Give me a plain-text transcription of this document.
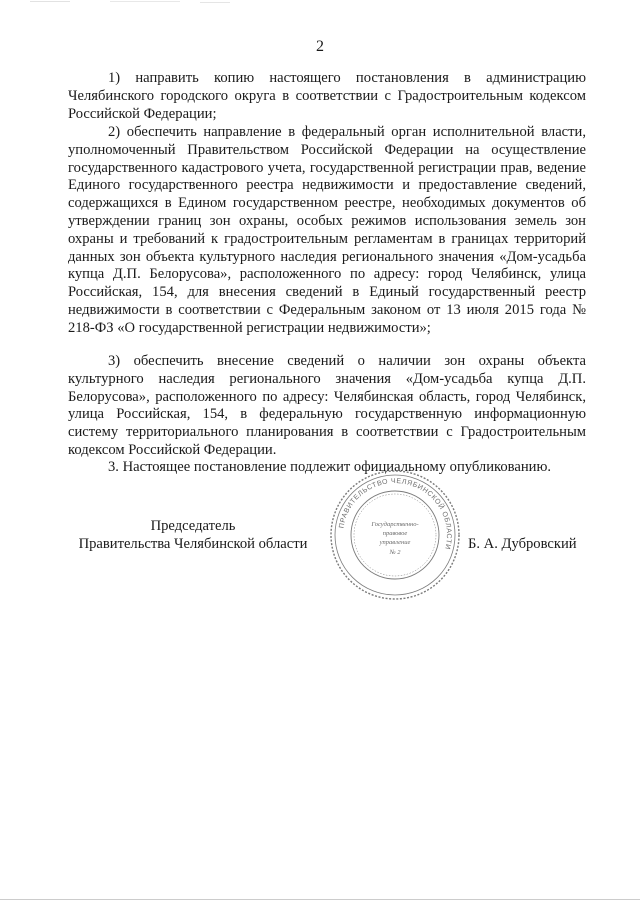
2

1) направить копию настоящего постановления в администрацию Челябинского городского округа в соответствии с Градостроительным кодексом Российской Федерации;

2) обеспечить направление в федеральный орган исполнительной власти, уполномоченный Правительством Российской Федерации на осуществление государственного кадастрового учета, государственной регистрации прав, ведение Единого государственного реестра недвижимости и предоставление сведений, содержащихся в Едином государственном реестре, необходимых документов об утверждении границ зон охраны, особых режимов использования земель зон охраны и требований к градостроительным регламентам в границах территорий данных зон объекта культурного наследия регионального значения «Дом-усадьба купца Д.П. Белорусова», расположенного по адресу: город Челябинск, улица Российская, 154, для внесения сведений в Единый государственный реестр недвижимости в соответствии с Федеральным законом от 13 июля 2015 года № 218-ФЗ «О государственной регистрации недвижимости»;

3) обеспечить внесение сведений о наличии зон охраны объекта культурного наследия регионального значения «Дом-усадьба купца Д.П. Белорусова», расположенного по адресу: Челябинская область, город Челябинск, улица Российская, 154, в федеральную государственную информационную систему территориального планирования в соответствии с Градостроительным кодексом Российской Федерации.

3. Настоящее постановление подлежит официальному опубликованию.

Председатель
Правительства Челябинской области
ПРАВИТЕЛЬСТВО ЧЕЛЯБИНСКОЙ ОБЛАСТИ
Государственно-
правовое
управление
№ 2
Б. А. Дубровский
